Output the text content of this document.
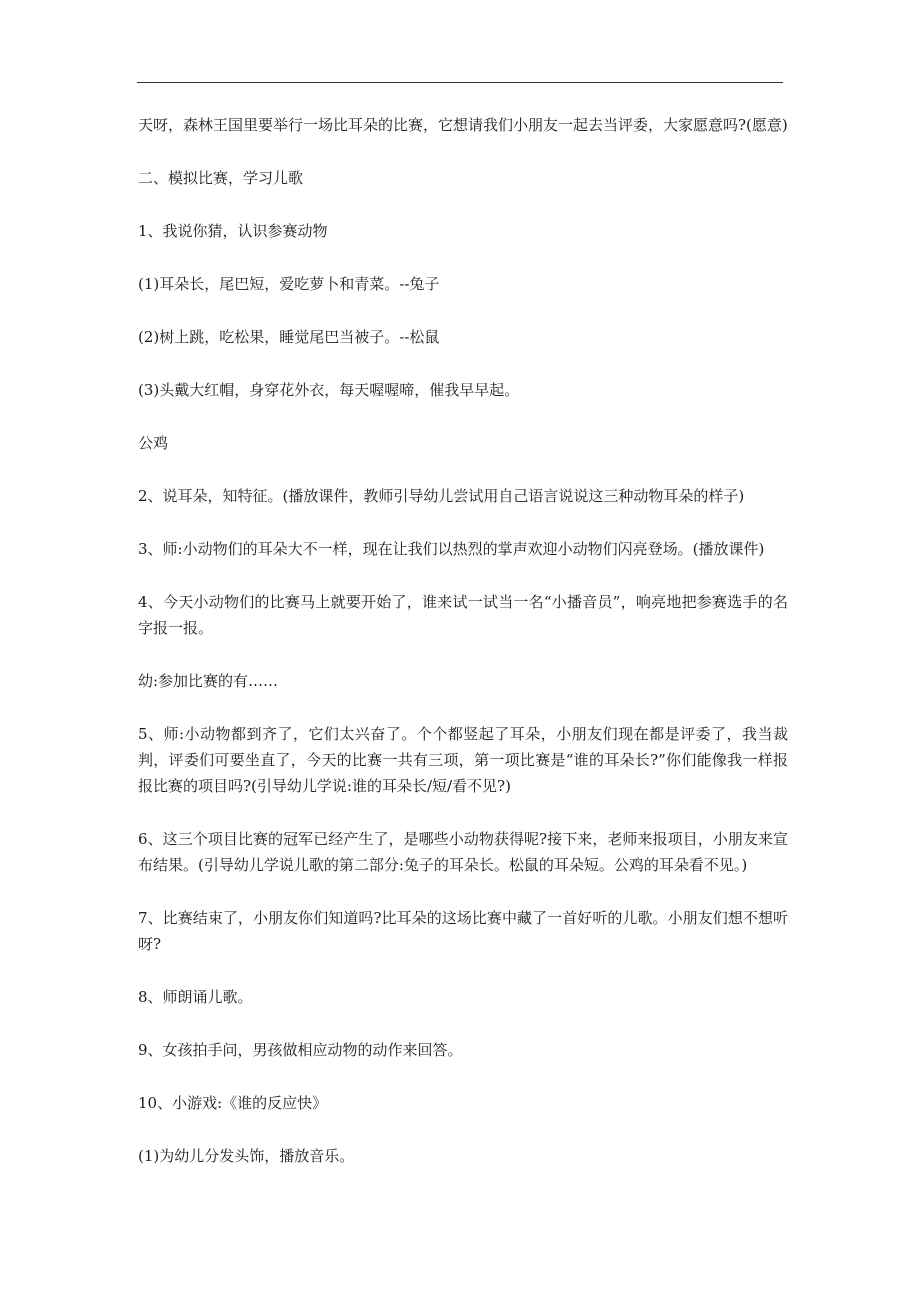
天呀，森林王国里要举行一场比耳朵的比赛，它想请我们小朋友一起去当评委，大家愿意吗?(愿意)

二、模拟比赛，学习儿歌

1、我说你猜，认识参赛动物

(1)耳朵长，尾巴短，爱吃萝卜和青菜。--兔子

(2)树上跳，吃松果，睡觉尾巴当被子。--松鼠

(3)头戴大红帽，身穿花外衣，每天喔喔啼，催我早早起。

公鸡

2、说耳朵，知特征。(播放课件，教师引导幼儿尝试用自己语言说说这三种动物耳朵的样子)

3、师:小动物们的耳朵大不一样，现在让我们以热烈的掌声欢迎小动物们闪亮登场。(播放课件)

4、今天小动物们的比赛马上就要开始了，谁来试一试当一名“小播音员”，响亮地把参赛选手的名字报一报。

幼:参加比赛的有……

5、师:小动物都到齐了，它们太兴奋了。个个都竖起了耳朵，小朋友们现在都是评委了，我当裁判，评委们可要坐直了，今天的比赛一共有三项，第一项比赛是“谁的耳朵长?”你们能像我一样报报比赛的项目吗?(引导幼儿学说:谁的耳朵长/短/看不见?)

6、这三个项目比赛的冠军已经产生了，是哪些小动物获得呢?接下来，老师来报项目，小朋友来宣布结果。(引导幼儿学说儿歌的第二部分:兔子的耳朵长。松鼠的耳朵短。公鸡的耳朵看不见。)

7、比赛结束了，小朋友你们知道吗?比耳朵的这场比赛中藏了一首好听的儿歌。小朋友们想不想听呀?

8、师朗诵儿歌。

9、女孩拍手问，男孩做相应动物的动作来回答。

10、小游戏:《谁的反应快》

(1)为幼儿分发头饰，播放音乐。
